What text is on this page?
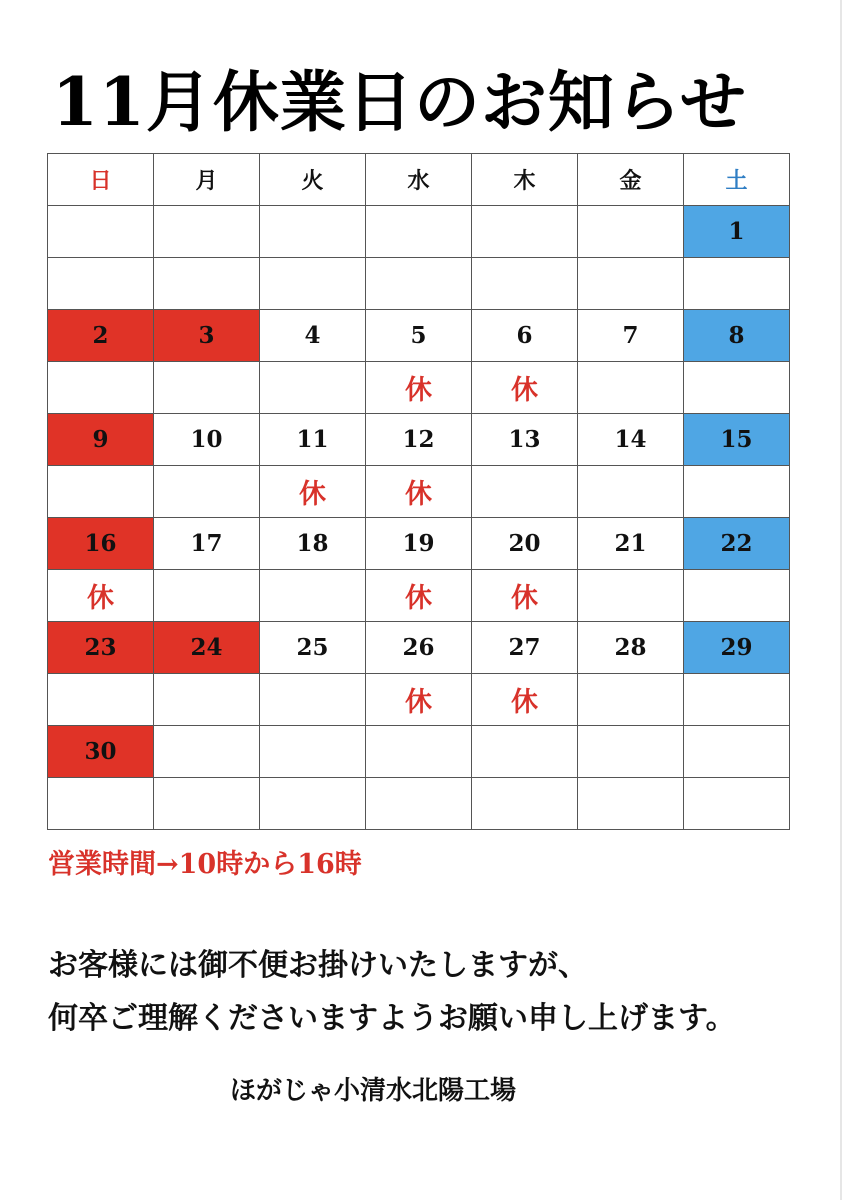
11月休業日のお知らせ
日	月	火	水	木	金	土
						1

2	3	4	5	6	7	8
			休	休		
9	10	11	12	13	14	15
		休	休			
16	17	18	19	20	21	22
休			休	休		
23	24	25	26	27	28	29
			休	休		
30						

営業時間→10時から16時

お客様には御不便お掛けいたしますが、

何卒ご理解くださいますようお願い申し上げます。

ほがじゃ小清水北陽工場
